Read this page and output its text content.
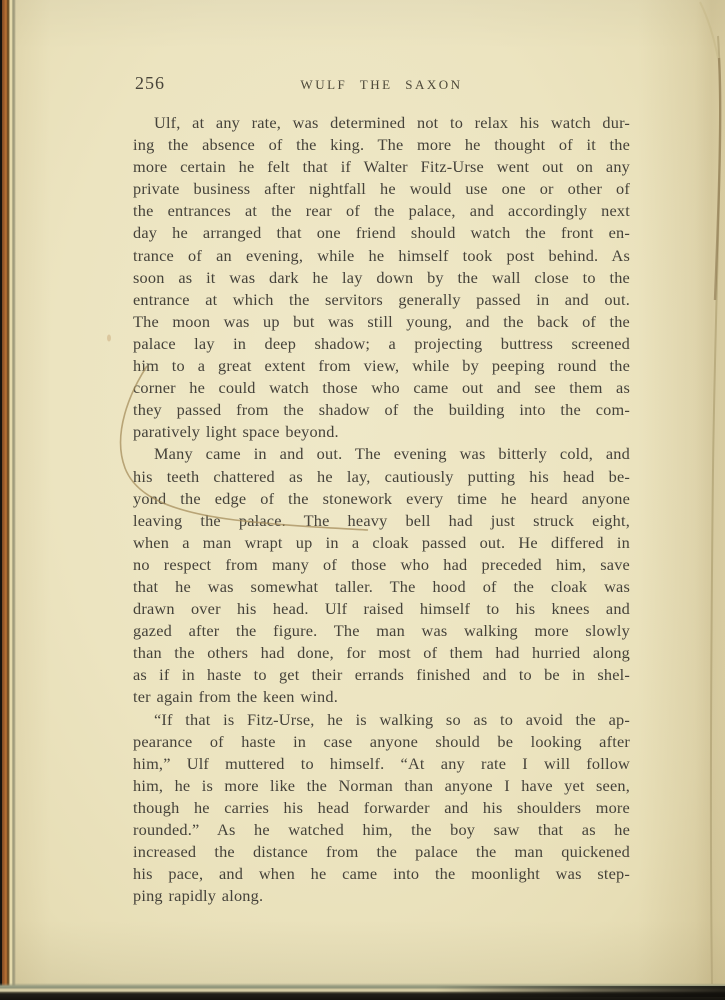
256	WULF THE SAXON
Ulf, at any rate, was determined not to relax his watch dur-
ing the absence of the king. The more he thought of it the
more certain he felt that if Walter Fitz-Urse went out on any
private business after nightfall he would use one or other of
the entrances at the rear of the palace, and accordingly next
day he arranged that one friend should watch the front en-
trance of an evening, while he himself took post behind. As
soon as it was dark he lay down by the wall close to the
entrance at which the servitors generally passed in and out.
The moon was up but was still young, and the back of the
palace lay in deep shadow; a projecting buttress screened
him to a great extent from view, while by peeping round the
corner he could watch those who came out and see them as
they passed from the shadow of the building into the com-
paratively light space beyond.
Many came in and out. The evening was bitterly cold, and
his teeth chattered as he lay, cautiously putting his head be-
yond the edge of the stonework every time he heard anyone
leaving the palace. The heavy bell had just struck eight,
when a man wrapt up in a cloak passed out. He differed in
no respect from many of those who had preceded him, save
that he was somewhat taller. The hood of the cloak was
drawn over his head. Ulf raised himself to his knees and
gazed after the figure. The man was walking more slowly
than the others had done, for most of them had hurried along
as if in haste to get their errands finished and to be in shel-
ter again from the keen wind.
“If that is Fitz-Urse, he is walking so as to avoid the ap-
pearance of haste in case anyone should be looking after
him,” Ulf muttered to himself. “At any rate I will follow
him, he is more like the Norman than anyone I have yet seen,
though he carries his head forwarder and his shoulders more
rounded.” As he watched him, the boy saw that as he
increased the distance from the palace the man quickened
his pace, and when he came into the moonlight was step-
ping rapidly along.
